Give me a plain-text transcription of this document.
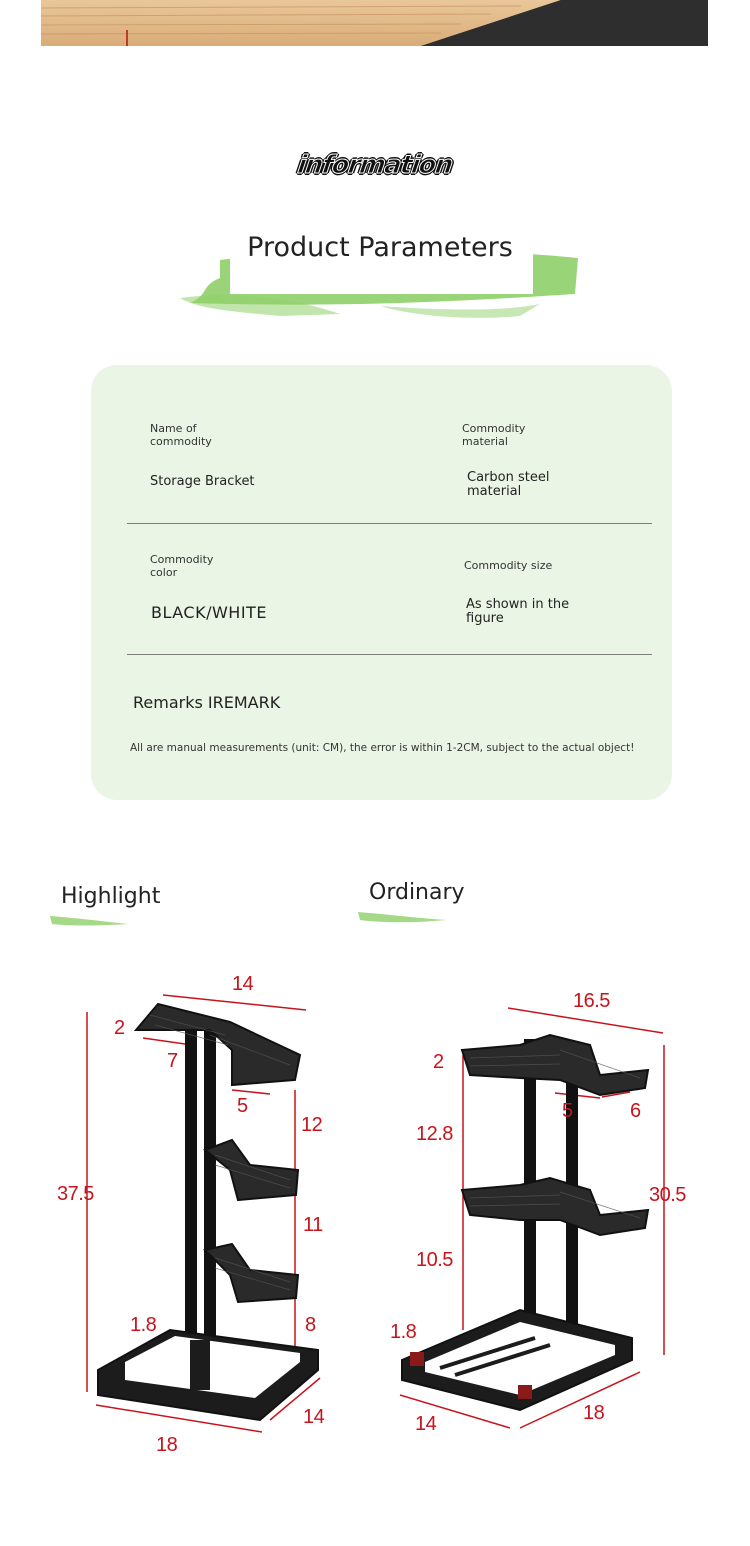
information
Product Parameters
Name of commodity
Storage Bracket
Commodity material
Carbon steel material
Commodity color
BLACK/WHITE
Commodity size
As shown in the figure
Remarks IREMARK
All are manual measurements (unit: CM), the error is within 1-2CM, subject to the actual object!
Highlight	Ordinary
14
2
7
5
12
37.5
11
8
1.8
14
18
16.5
2
5	6
12.8
30.5
10.5
1.8
18
14
